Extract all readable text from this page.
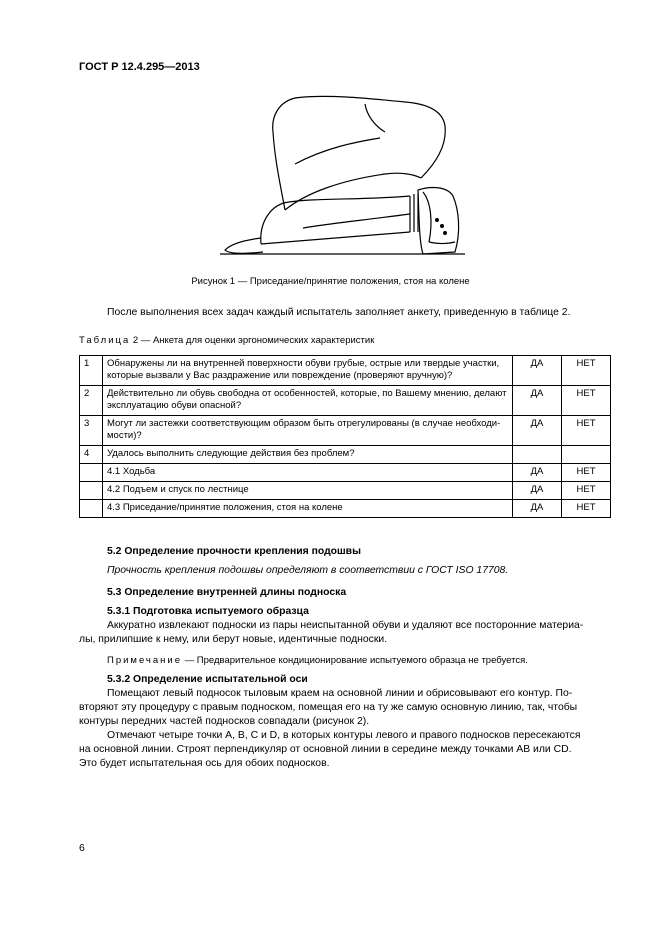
ГОСТ Р 12.4.295—2013
Рисунок 1 — Приседание/принятие положения, стоя на колене
После выполнения всех задач каждый испытатель заполняет анкету, приведенную в таблице 2.
Таблица 2 — Анкета для оценки эргономических характеристик
1	Обнаружены ли на внутренней поверхности обуви грубые, острые или твердые участки, которые вызвали у Вас раздражение или повреждение (проверяют вручную)?	ДА	НЕТ
2	Действительно ли обувь свободна от особенностей, которые, по Вашему мнению, делают эксплуатацию обуви опасной?	ДА	НЕТ
3	Могут ли застежки соответствующим образом быть отрегулированы (в случае необходи-мости)?	ДА	НЕТ
4	Удалось выполнить следующие действия без проблем?		
	4.1 Ходьба	ДА	НЕТ
	4.2 Подъем и спуск по лестнице	ДА	НЕТ
	4.3 Приседание/принятие положения, стоя на колене	ДА	НЕТ
5.2 Определение прочности крепления подошвы
Прочность крепления подошвы определяют в соответствии с ГОСТ ISO 17708.
5.3 Определение внутренней длины подноска
5.3.1 Подготовка испытуемого образца
Аккуратно извлекают подноски из пары неиспытанной обуви и удаляют все посторонние материа-
лы, прилипшие к нему, или берут новые, идентичные подноски.
Примечание — Предварительное кондиционирование испытуемого образца не требуется.
5.3.2 Определение испытательной оси
Помещают левый подносок тыловым краем на основной линии и обрисовывают его контур. По-
вторяют эту процедуру с правым подноском, помещая его на ту же самую основную линию, так, чтобы
контуры передних частей подносков совпадали (рисунок 2).
Отмечают четыре точки A, B, C и D, в которых контуры левого и правого подносков пересекаются
на основной линии. Строят перпендикуляр от основной линии в середине между точками АВ или CD.
Это будет испытательная ось для обоих подносков.
6
